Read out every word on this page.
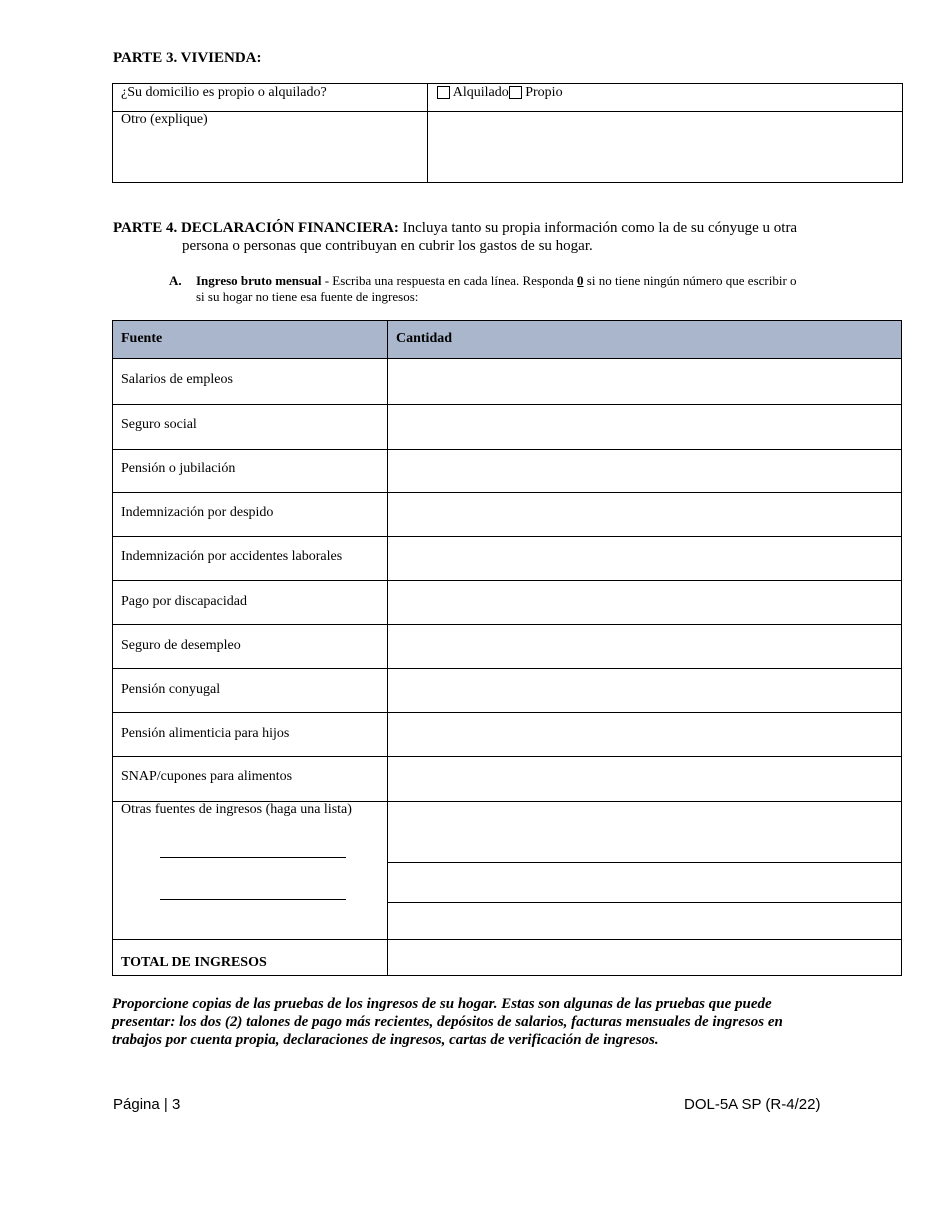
PARTE 3. VIVIENDA:
¿Su domicilio es propio o alquilado?	Alquilado Propio
Otro (explique)
PARTE 4. DECLARACIÓN FINANCIERA: Incluya tanto su propia información como la de su cónyuge u otra
persona o personas que contribuyan en cubrir los gastos de su hogar.
A. Ingreso bruto mensual - Escriba una respuesta en cada línea. Responda 0 si no tiene ningún número que escribir o si su hogar no tiene esa fuente de ingresos:
Fuente	Cantidad
Salarios de empleos
Seguro social
Pensión o jubilación
Indemnización por despido
Indemnización por accidentes laborales
Pago por discapacidad
Seguro de desempleo
Pensión conyugal
Pensión alimenticia para hijos
SNAP/cupones para alimentos
Otras fuentes de ingresos (haga una lista)
TOTAL DE INGRESOS
Proporcione copias de las pruebas de los ingresos de su hogar. Estas son algunas de las pruebas que puede presentar: los dos (2) talones de pago más recientes, depósitos de salarios, facturas mensuales de ingresos en trabajos por cuenta propia, declaraciones de ingresos, cartas de verificación de ingresos.
Página | 3	DOL-5A SP (R-4/22)
